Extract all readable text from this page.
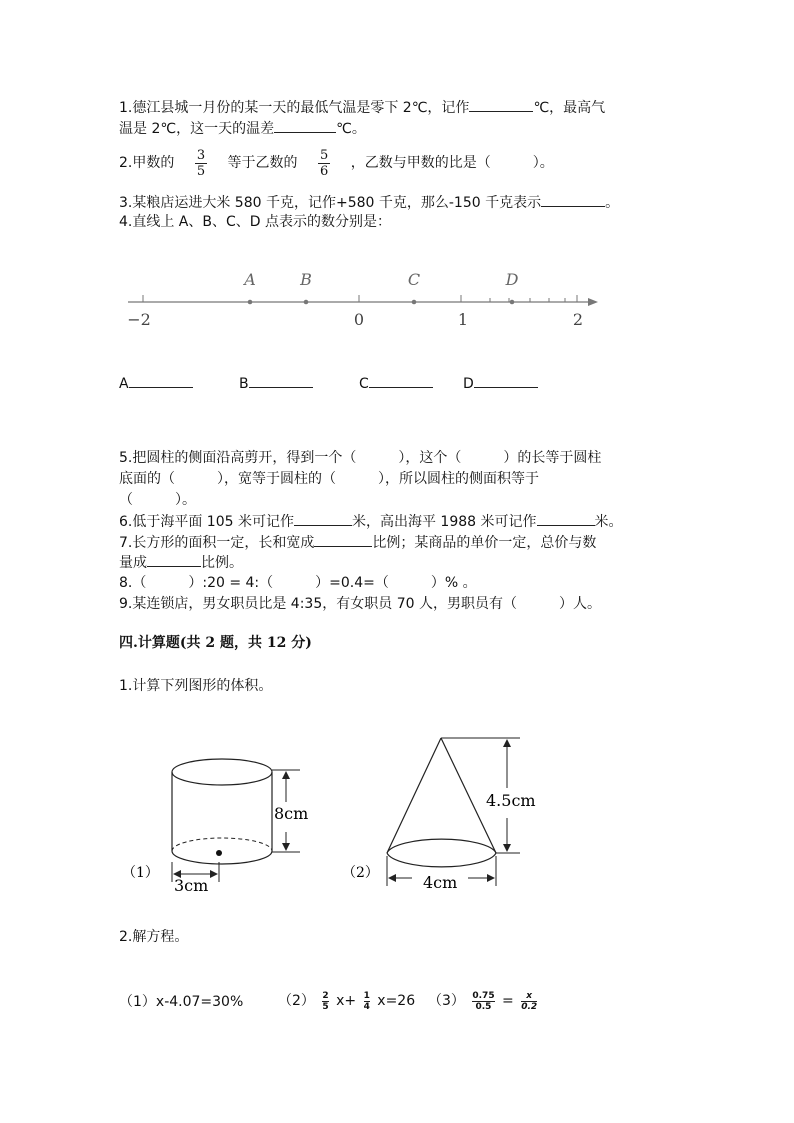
1.德江县城一月份的某一天的最低气温是零下 2℃，记作	℃，最高气
温是 2℃，这一天的温差	℃。
2.甲数的 $\frac{3}{5}$ 等于乙数的 $\frac{5}{6}$ ，乙数与甲数的比是（　　　）。
3.某粮店运进大米 580 千克，记作+580 千克，那么-150 千克表示	。
4.直线上 A、B、C、D 点表示的数分别是：
A	B	C	D
−2	0	1	2
A	B	C	D
5.把圆柱的侧面沿高剪开，得到一个（　　　），这个（　　　）的长等于圆柱
底面的（　　　），宽等于圆柱的（　　　），所以圆柱的侧面积等于
（　　　）。
6.低于海平面 105 米可记作	米，高出海平 1988 米可记作	米。
7.长方形的面积一定，长和宽成	比例；某商品的单价一定，总价与数
量成	比例。
8.（　　　）:20 = 4:（　　　）=0.4=（　　　）% 。
9.某连锁店，男女职员比是 4:35，有女职员 70 人，男职员有（　　　）人。
四.计算题(共 2 题，共 12 分)
1.计算下列图形的体积。
（1）
8cm
3cm
（2）
4.5cm
4cm
2.解方程。
（1）x-4.07=30% $(2) \frac{2}{5} x+ \frac{1}{4} x=26$ $(3) \frac{0.75}{0.5} = \frac{x}{0.2}$
